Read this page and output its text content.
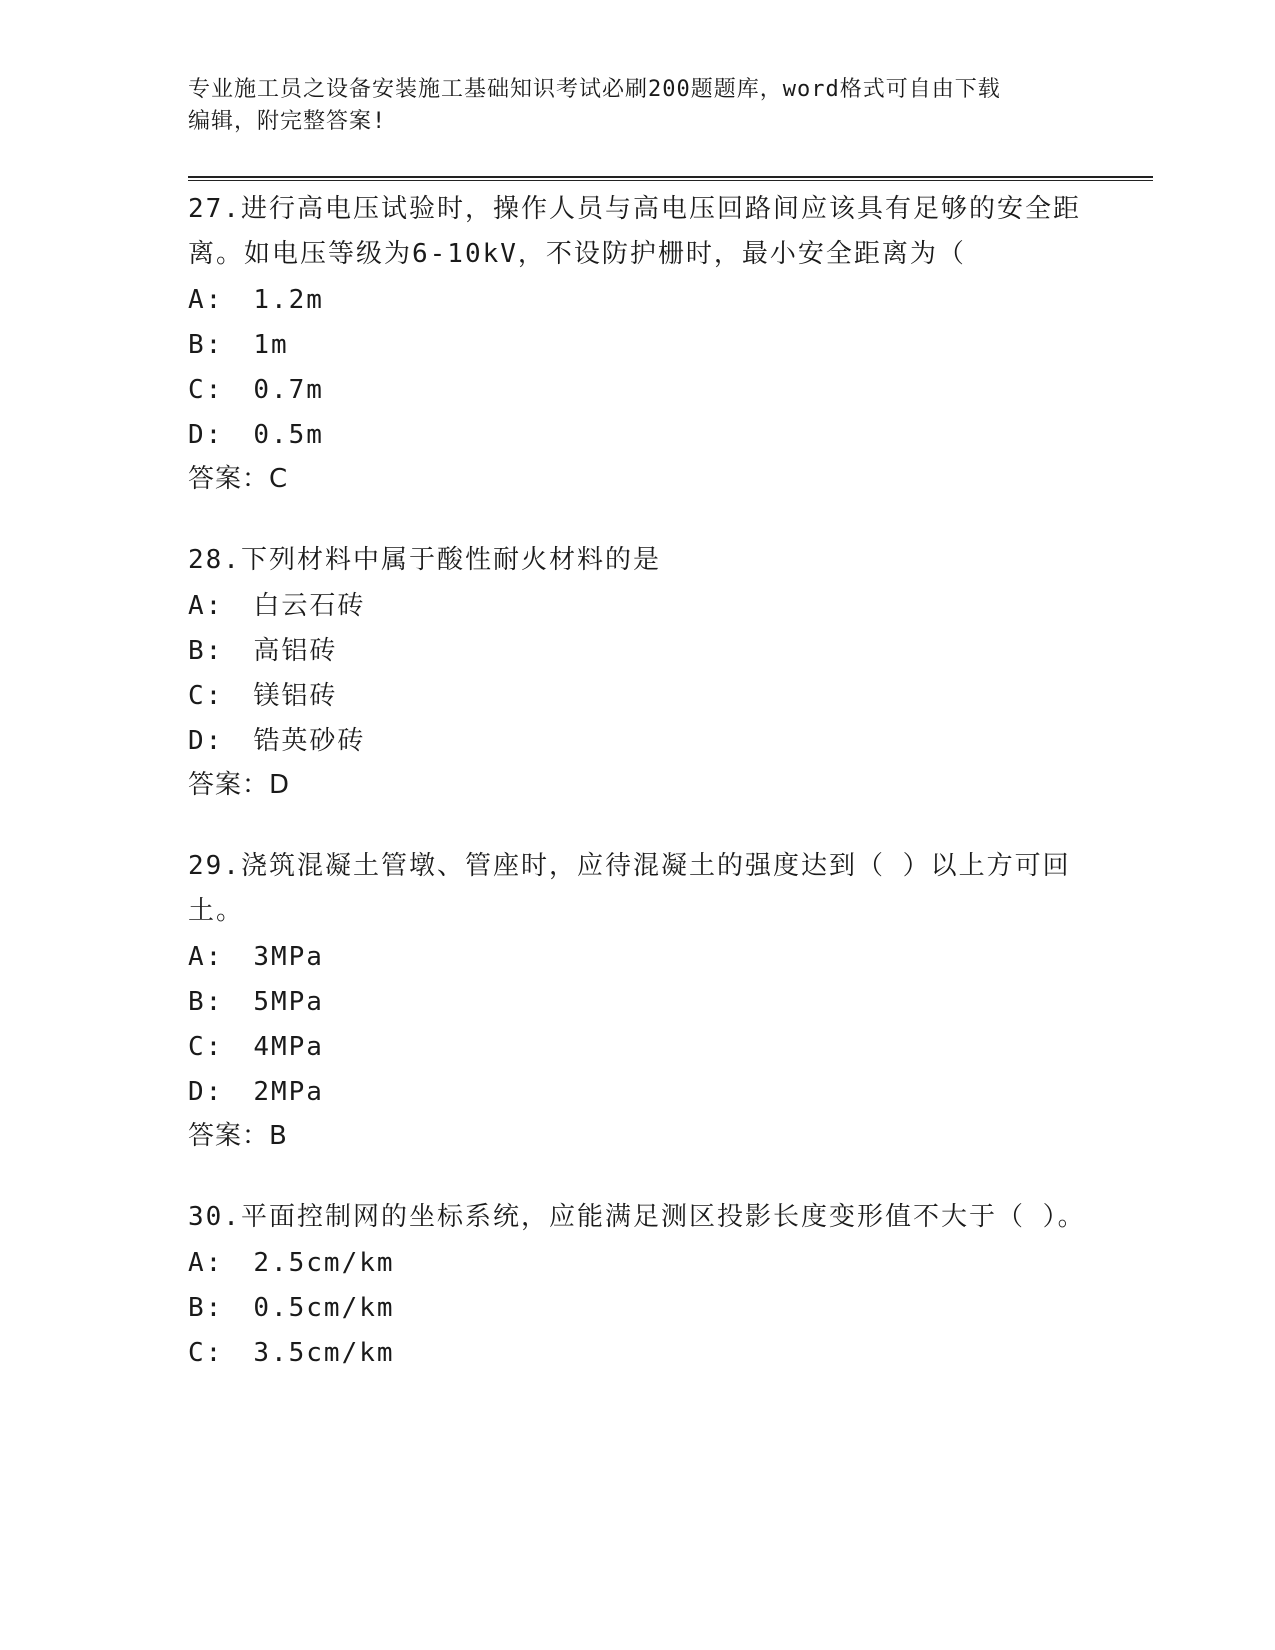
专业施工员之设备安装施工基础知识考试必刷200题题库，word格式可自由下载
编辑，附完整答案!
27.进行高电压试验时，操作人员与高电压回路间应该具有足够的安全距离。如电压等级为6-10kV，不设防护栅时，最小安全距离为（
A: 1.2m
B: 1m
C: 0.7m
D: 0.5m
答案：C
28.下列材料中属于酸性耐火材料的是
A: 白云石砖
B: 高铝砖
C: 镁铝砖
D: 锆英砂砖
答案：D
29.浇筑混凝土管墩、管座时，应待混凝土的强度达到（ ）以上方可回土。
A: 3MPa
B: 5MPa
C: 4MPa
D: 2MPa
答案：B
30.平面控制网的坐标系统，应能满足测区投影长度变形值不大于（ ）。
A: 2.5cm/km
B: 0.5cm/km
C: 3.5cm/km
